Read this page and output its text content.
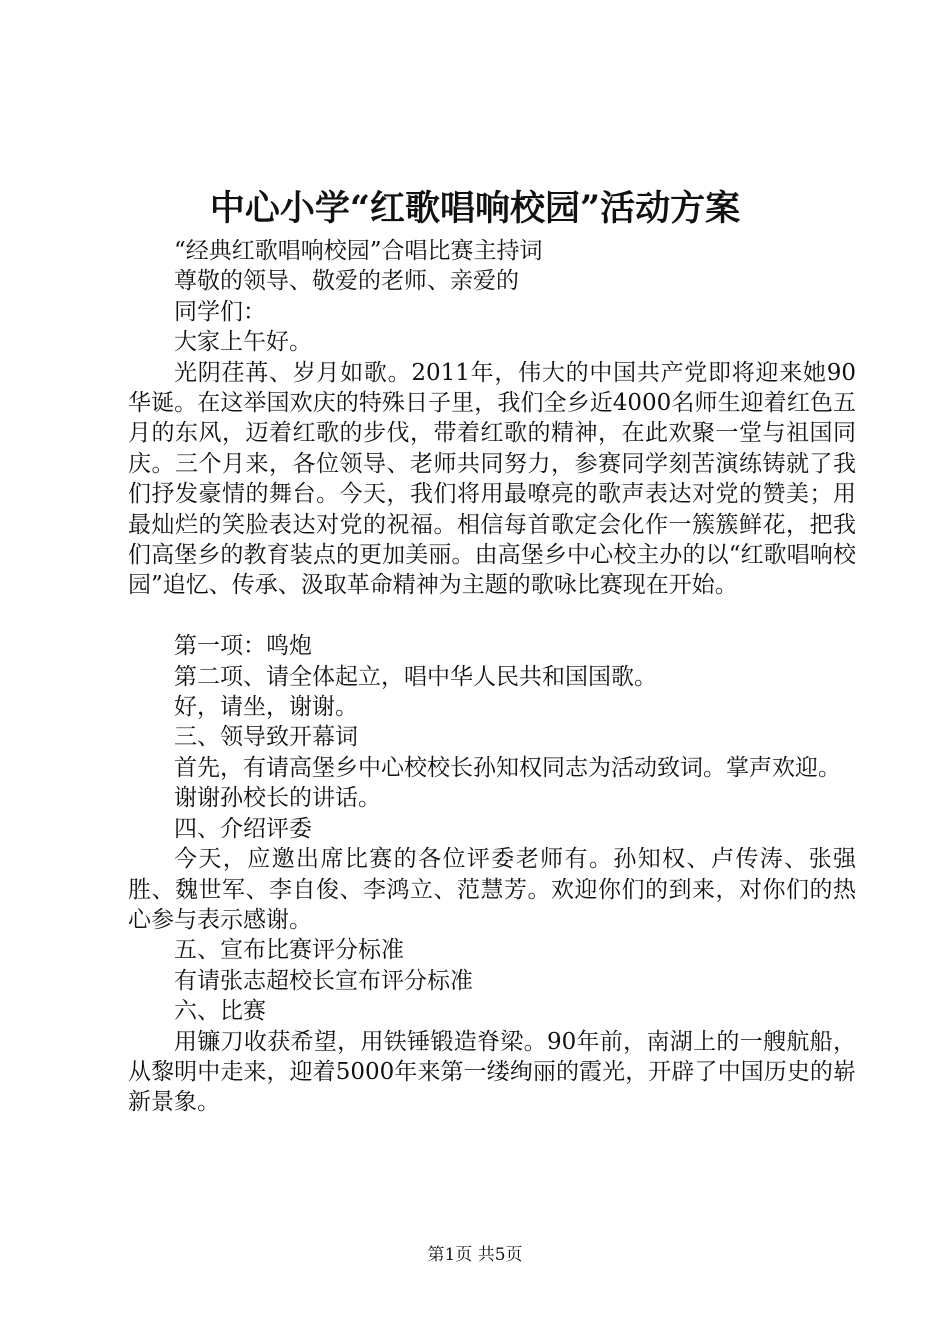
中心小学“红歌唱响校园”活动方案

“经典红歌唱响校园”合唱比赛主持词

尊敬的领导、敬爱的老师、亲爱的

同学们：

大家上午好。

光阴荏苒、岁月如歌。2011年，伟大的中国共产党即将迎来她90华诞。在这举国欢庆的特殊日子里，我们全乡近4000名师生迎着红色五月的东风，迈着红歌的步伐，带着红歌的精神，在此欢聚一堂与祖国同庆。三个月来，各位领导、老师共同努力，参赛同学刻苦演练铸就了我们抒发豪情的舞台。今天，我们将用最嘹亮的歌声表达对党的赞美；用最灿烂的笑脸表达对党的祝福。相信每首歌定会化作一簇簇鲜花，把我们高堡乡的教育装点的更加美丽。由高堡乡中心校主办的以“红歌唱响校园”追忆、传承、汲取革命精神为主题的歌咏比赛现在开始。

第一项：鸣炮

第二项、请全体起立，唱中华人民共和国国歌。

好，请坐，谢谢。

三、领导致开幕词

首先，有请高堡乡中心校校长孙知权同志为活动致词。掌声欢迎。

谢谢孙校长的讲话。

四、介绍评委

今天，应邀出席比赛的各位评委老师有。孙知权、卢传涛、张强胜、魏世军、李自俊、李鸿立、范慧芳。欢迎你们的到来，对你们的热心参与表示感谢。

五、宣布比赛评分标准

有请张志超校长宣布评分标准

六、比赛

用镰刀收获希望，用铁锤锻造脊梁。90年前，南湖上的一艘航船，从黎明中走来，迎着5000年来第一缕绚丽的霞光，开辟了中国历史的崭新景象。

第1页 共5页
